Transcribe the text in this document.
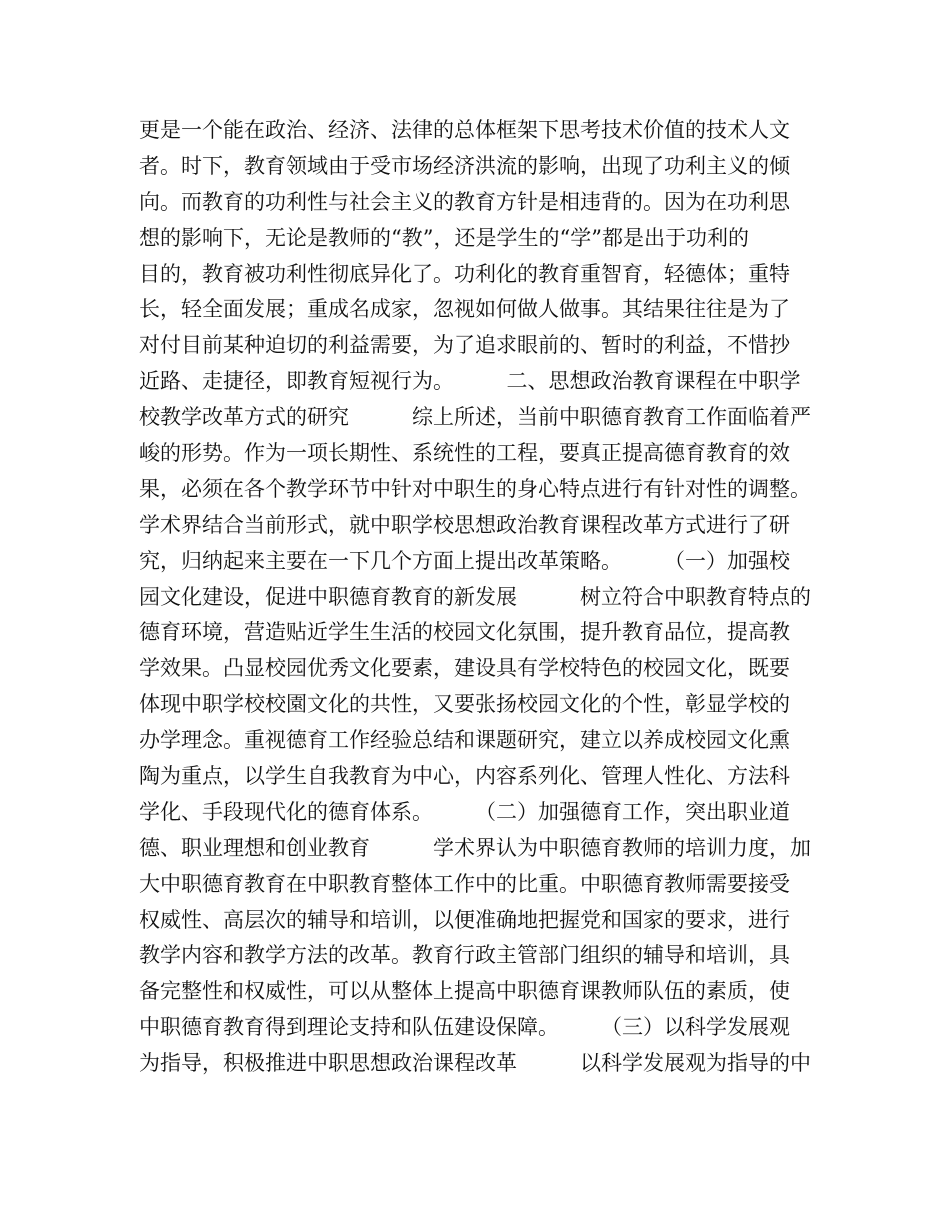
更是一个能在政治、经济、法律的总体框架下思考技术价值的技术人文
者。时下，教育领域由于受市场经济洪流的影响，出现了功利主义的倾
向。而教育的功利性与社会主义的教育方针是相违背的。因为在功利思
想的影响下，无论是教师的“教”，还是学生的“学”都是出于功利的
目的，教育被功利性彻底异化了。功利化的教育重智育，轻德体；重特
长，轻全面发展；重成名成家，忽视如何做人做事。其结果往往是为了
对付目前某种迫切的利益需要，为了追求眼前的、暂时的利益，不惜抄
近路、走捷径，即教育短视行为。　　　二、思想政治教育课程在中职学
校教学改革方式的研究　　　综上所述，当前中职德育教育工作面临着严
峻的形势。作为一项长期性、系统性的工程，要真正提高德育教育的效
果，必须在各个教学环节中针对中职生的身心特点进行有针对性的调整。
学术界结合当前形式，就中职学校思想政治教育课程改革方式进行了研
究，归纳起来主要在一下几个方面上提出改革策略。　　　（一）加强校
园文化建设，促进中职德育教育的新发展　　　树立符合中职教育特点的
德育环境，营造贴近学生生活的校园文化氛围，提升教育品位，提高教
学效果。凸显校园优秀文化要素，建设具有学校特色的校园文化，既要
体现中职学校校園文化的共性，又要张扬校园文化的个性，彰显学校的
办学理念。重视德育工作经验总结和课题研究，建立以养成校园文化熏
陶为重点，以学生自我教育为中心，内容系列化、管理人性化、方法科
学化、手段现代化的德育体系。　　　（二）加强德育工作，突出职业道
德、职业理想和创业教育　　　学术界认为中职德育教师的培训力度，加
大中职德育教育在中职教育整体工作中的比重。中职德育教师需要接受
权威性、高层次的辅导和培训，以便准确地把握党和国家的要求，进行
教学内容和教学方法的改革。教育行政主管部门组织的辅导和培训，具
备完整性和权威性，可以从整体上提高中职德育课教师队伍的素质，使
中职德育教育得到理论支持和队伍建设保障。　　　（三）以科学发展观
为指导，积极推进中职思想政治课程改革　　　以科学发展观为指导的中
